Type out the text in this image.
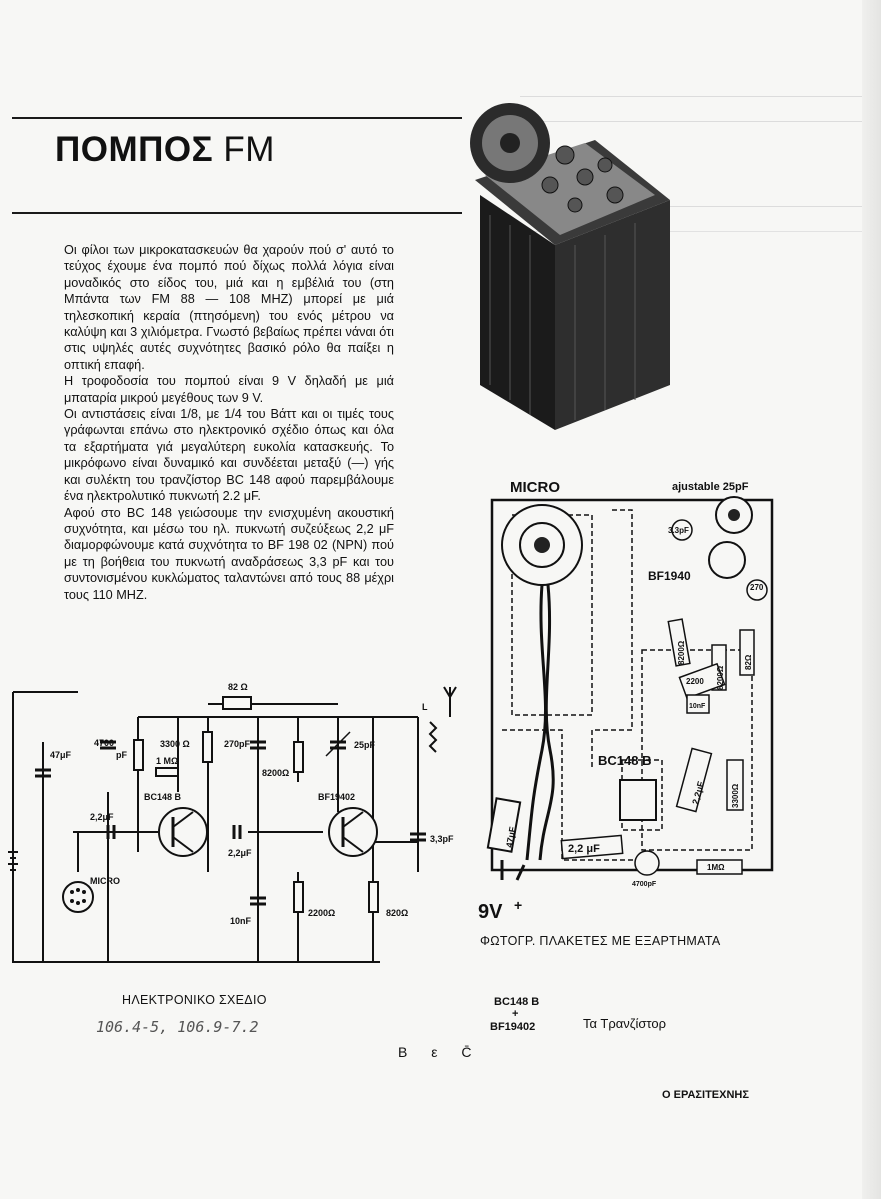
ΠΟΜΠΟΣ FM

Οι φίλοι των μικροκατασκευών θα χαρούν πού σ' αυτό το τεύχος έχουμε ένα πομπό πού δίχως πολλά λόγια είναι μοναδικός στο είδος του, μιά και η εμβέλιά του (στη Μπάντα των FM 88 — 108 MHZ) μπορεί με μιά τηλεσκοπική κεραία (πτησόμενη) του ενός μέτρου να καλύψη και 3 χιλιόμετρα. Γνωστό βεβαίως πρέπει νάναι ότι στις υψηλές αυτές συχνότητες βασικό ρόλο θα παίξει η οπτική επαφή.

Η τροφοδοσία του πομπού είναι 9 V δηλαδή με μιά μπαταρία μικρού μεγέθους των 9 V.

Οι αντιστάσεις είναι 1/8, με 1/4 του Βάττ και οι τιμές τους γράφωνται επάνω στο ηλεκτρονικό σχέδιο όπως και όλα τα εξαρτήματα γιά μεγαλύτερη ευκολία κατασκευής. Το μικρόφωνο είναι δυναμικό και συνδέεται μεταξύ (—) γής και συλέκτη του τρανζίστορ BC 148 αφού παρεμβάλουμε ένα ηλεκτρολυτικό πυκνωτή 2.2 μF.

Αφού στο BC 148 γειώσουμε την ενισχυμένη ακουστική συχνότητα, και μέσω του ηλ. πυκνωτή συζεύξεως 2,2 μF διαμορφώνουμε κατά συχνότητα το BF 198 02 (NPN) πού με τη βοήθεια του πυκνωτή αναδράσεως 3,3 pF και του συντονισμένου κυκλώματος ταλαντώνει από τους 88 μέχρι τους 110 MHZ.

47μF
4700
pF
3300 Ω
1 ΜΩ
82 Ω
270pF
8200Ω
25pF
L
2,2μF
2,2μF
BC148 B	BF19402
3,3pF
MICRO
10nF
2200Ω	820Ω
ΗΛΕΚΤΡΟΝΙΚΟ ΣΧΕΔΙΟ
106.4-5, 106.9-7.2
MICRO	ajustable 25pF
3.3pF
BF1940
270
8200Ω
8200Ω
82Ω
2200
10nF
BC148 B
2,2μF	3300Ω
47μF
2,2 μF
1ΜΩ
4700pF
9V +
ΦΩΤΟΓΡ. ΠΛΑΚΕΤΕΣ ΜΕ ΕΞΑΡΤΗΜΑΤΑ
BC148 B
+
BF19402	Τα Τρανζίστορ
B ε C̄
Ο ΕΡΑΣΙΤΕΧΝΗΣ
